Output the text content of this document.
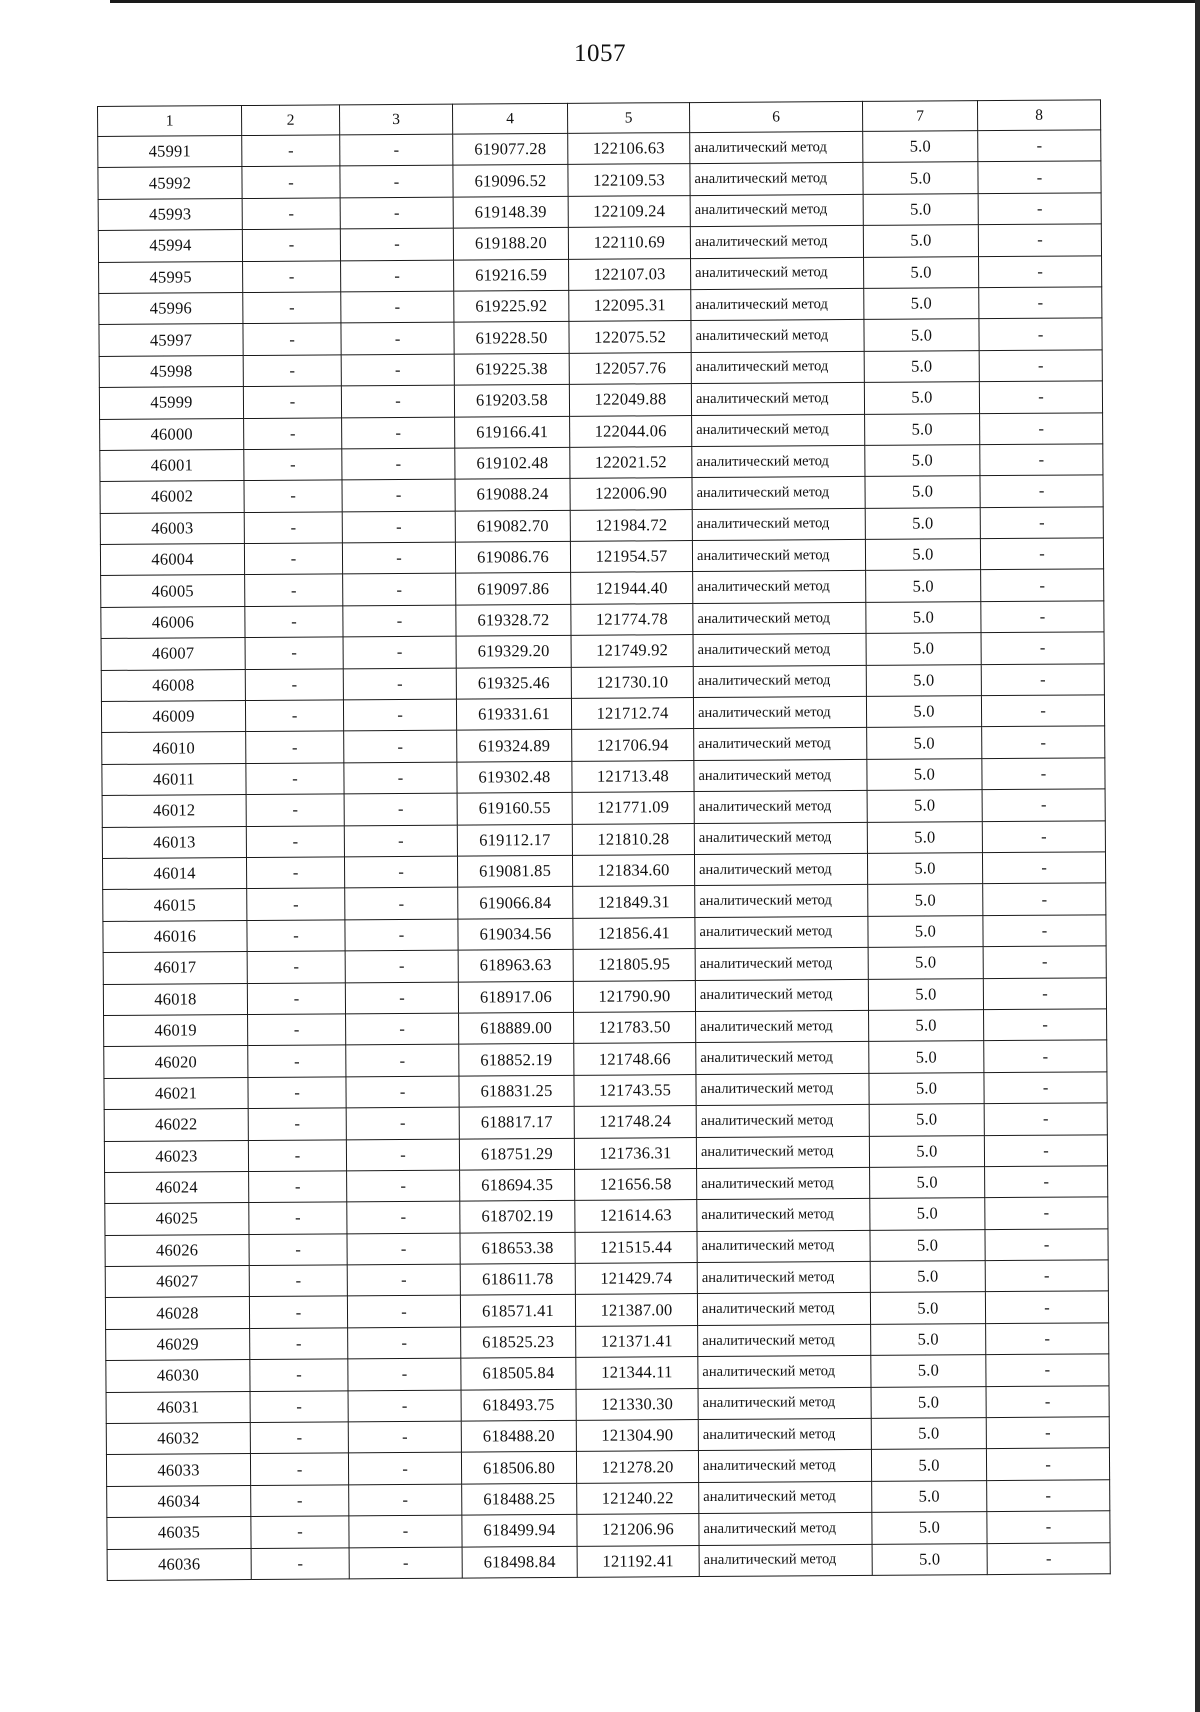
1057
1	2	3	4	5	6	7	8
45991	-	-	619077.28	122106.63	аналитический метод	5.0	-
45992	-	-	619096.52	122109.53	аналитический метод	5.0	-
45993	-	-	619148.39	122109.24	аналитический метод	5.0	-
45994	-	-	619188.20	122110.69	аналитический метод	5.0	-
45995	-	-	619216.59	122107.03	аналитический метод	5.0	-
45996	-	-	619225.92	122095.31	аналитический метод	5.0	-
45997	-	-	619228.50	122075.52	аналитический метод	5.0	-
45998	-	-	619225.38	122057.76	аналитический метод	5.0	-
45999	-	-	619203.58	122049.88	аналитический метод	5.0	-
46000	-	-	619166.41	122044.06	аналитический метод	5.0	-
46001	-	-	619102.48	122021.52	аналитический метод	5.0	-
46002	-	-	619088.24	122006.90	аналитический метод	5.0	-
46003	-	-	619082.70	121984.72	аналитический метод	5.0	-
46004	-	-	619086.76	121954.57	аналитический метод	5.0	-
46005	-	-	619097.86	121944.40	аналитический метод	5.0	-
46006	-	-	619328.72	121774.78	аналитический метод	5.0	-
46007	-	-	619329.20	121749.92	аналитический метод	5.0	-
46008	-	-	619325.46	121730.10	аналитический метод	5.0	-
46009	-	-	619331.61	121712.74	аналитический метод	5.0	-
46010	-	-	619324.89	121706.94	аналитический метод	5.0	-
46011	-	-	619302.48	121713.48	аналитический метод	5.0	-
46012	-	-	619160.55	121771.09	аналитический метод	5.0	-
46013	-	-	619112.17	121810.28	аналитический метод	5.0	-
46014	-	-	619081.85	121834.60	аналитический метод	5.0	-
46015	-	-	619066.84	121849.31	аналитический метод	5.0	-
46016	-	-	619034.56	121856.41	аналитический метод	5.0	-
46017	-	-	618963.63	121805.95	аналитический метод	5.0	-
46018	-	-	618917.06	121790.90	аналитический метод	5.0	-
46019	-	-	618889.00	121783.50	аналитический метод	5.0	-
46020	-	-	618852.19	121748.66	аналитический метод	5.0	-
46021	-	-	618831.25	121743.55	аналитический метод	5.0	-
46022	-	-	618817.17	121748.24	аналитический метод	5.0	-
46023	-	-	618751.29	121736.31	аналитический метод	5.0	-
46024	-	-	618694.35	121656.58	аналитический метод	5.0	-
46025	-	-	618702.19	121614.63	аналитический метод	5.0	-
46026	-	-	618653.38	121515.44	аналитический метод	5.0	-
46027	-	-	618611.78	121429.74	аналитический метод	5.0	-
46028	-	-	618571.41	121387.00	аналитический метод	5.0	-
46029	-	-	618525.23	121371.41	аналитический метод	5.0	-
46030	-	-	618505.84	121344.11	аналитический метод	5.0	-
46031	-	-	618493.75	121330.30	аналитический метод	5.0	-
46032	-	-	618488.20	121304.90	аналитический метод	5.0	-
46033	-	-	618506.80	121278.20	аналитический метод	5.0	-
46034	-	-	618488.25	121240.22	аналитический метод	5.0	-
46035	-	-	618499.94	121206.96	аналитический метод	5.0	-
46036	-	-	618498.84	121192.41	аналитический метод	5.0	-
